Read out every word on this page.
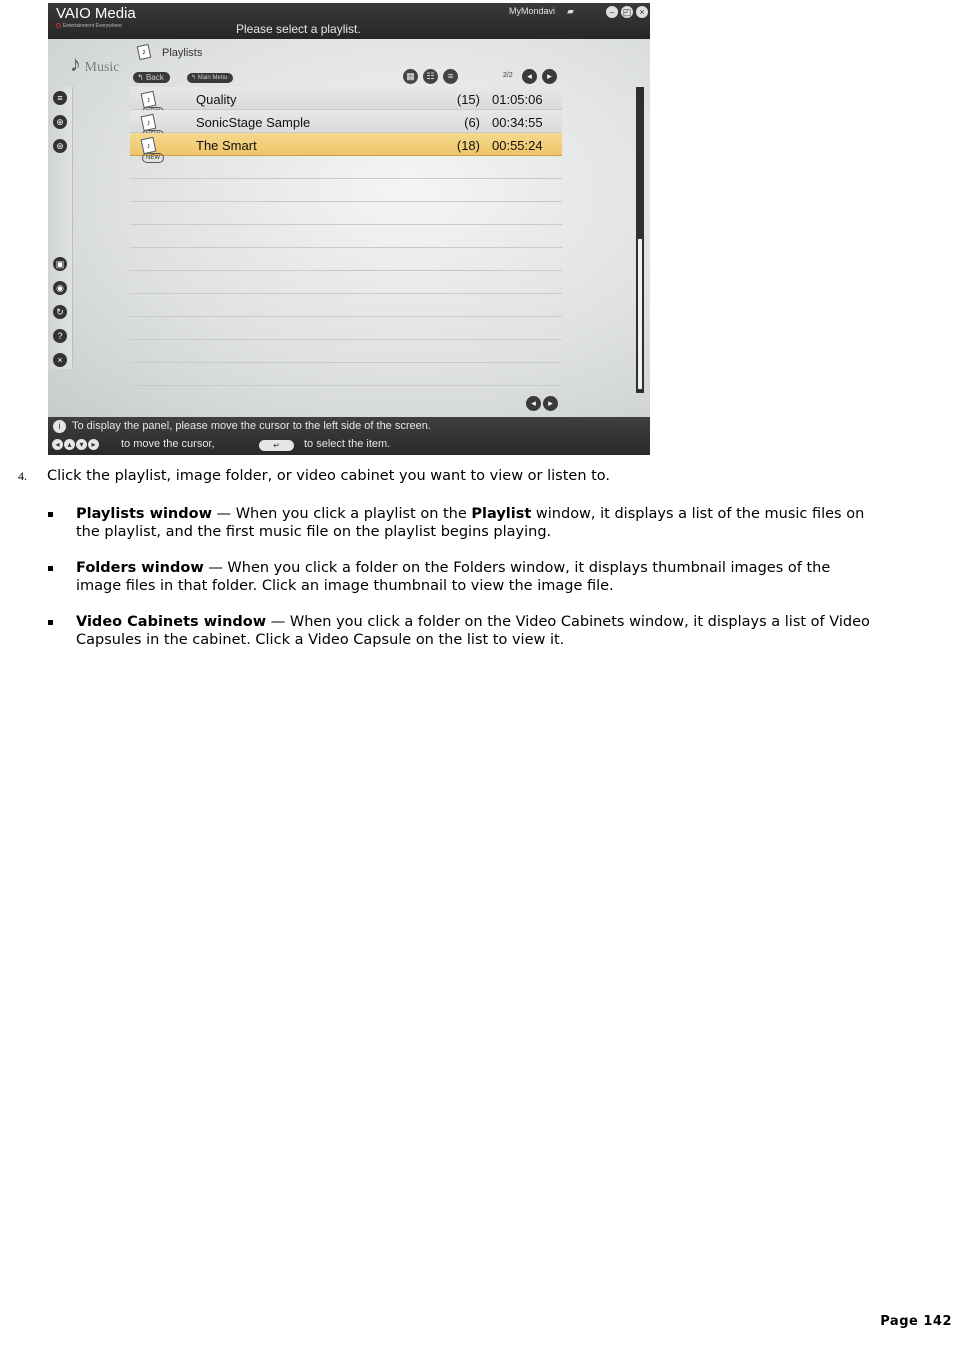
VAIO Media
Entertainment Everywhere	Please select a playlist.
MyMondavi ▰	– ◰ ×
♪ Music
♪	Playlists
↰ Back	↰ Main Menu	▦	☷	≡	2/2	◂	▸
≡
⊕
⊛
▣
◉
↻
?
×
♪	Quality	(15) 01:05:06
♪	SonicStage Sample	(6) 00:34:55
♪NEW
The Smart	(18) 00:55:24
◂	▸
i	To display the panel, please move the cursor to the left side of the screen.
◂ ▴ ▾ ▸	to move the cursor,	↵	to select the item.
4. Click the playlist, image folder, or video cabinet you want to view or listen to.
Playlists window — When you click a playlist on the Playlist window, it displays a list of the music files on the playlist, and the first music file on the playlist begins playing.
Folders window — When you click a folder on the Folders window, it displays thumbnail images of the image files in that folder. Click an image thumbnail to view the image file.
Video Cabinets window — When you click a folder on the Video Cabinets window, it displays a list of Video Capsules in the cabinet. Click a Video Capsule on the list to view it.
Page 142
